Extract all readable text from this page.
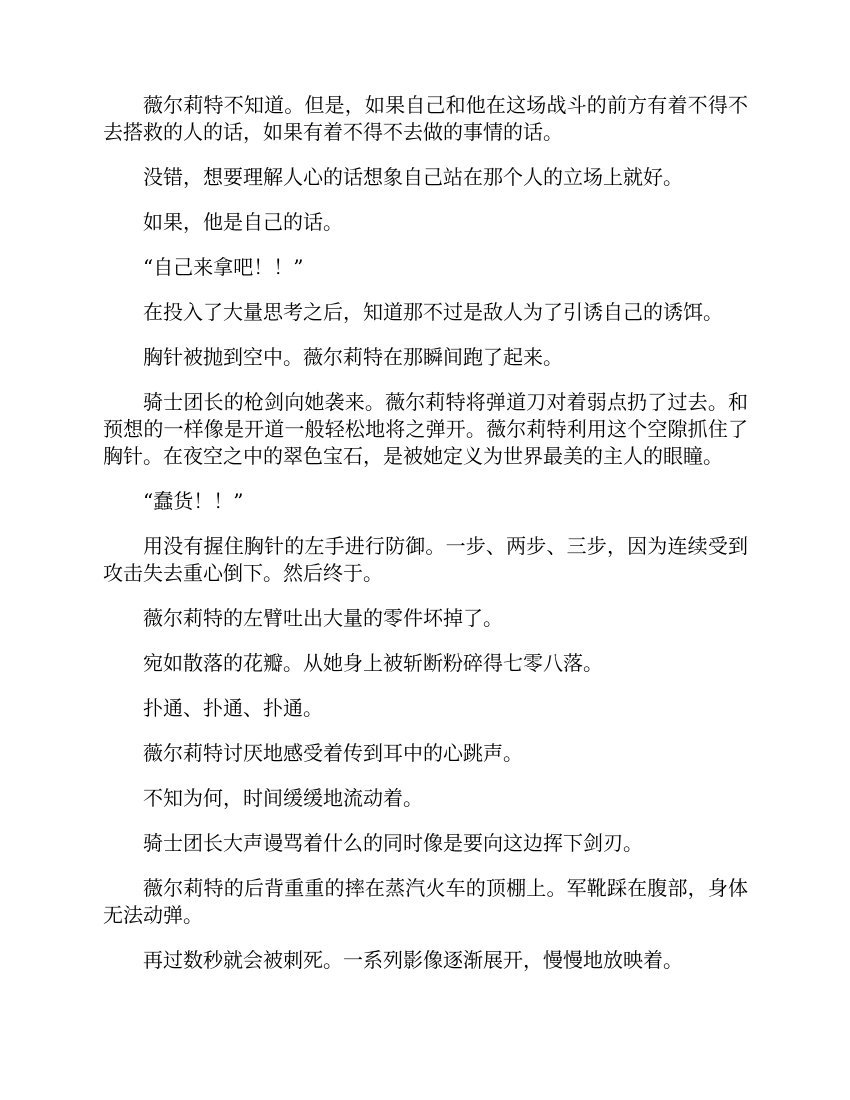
薇尔莉特不知道。但是，如果自己和他在这场战斗的前方有着不得不去搭救的人的话，如果有着不得不去做的事情的话。

没错，想要理解人心的话想象自己站在那个人的立场上就好。

如果，他是自己的话。

“自己来拿吧！！”

在投入了大量思考之后，知道那不过是敌人为了引诱自己的诱饵。

胸针被抛到空中。薇尔莉特在那瞬间跑了起来。

骑士团长的枪剑向她袭来。薇尔莉特将弹道刀对着弱点扔了过去。和预想的一样像是开道一般轻松地将之弹开。薇尔莉特利用这个空隙抓住了胸针。在夜空之中的翠色宝石，是被她定义为世界最美的主人的眼瞳。

“蠢货！！”

用没有握住胸针的左手进行防御。一步、两步、三步，因为连续受到攻击失去重心倒下。然后终于。

薇尔莉特的左臂吐出大量的零件坏掉了。

宛如散落的花瓣。从她身上被斩断粉碎得七零八落。

扑通、扑通、扑通。

薇尔莉特讨厌地感受着传到耳中的心跳声。

不知为何，时间缓缓地流动着。

骑士团长大声谩骂着什么的同时像是要向这边挥下剑刃。

薇尔莉特的后背重重的摔在蒸汽火车的顶棚上。军靴踩在腹部，身体无法动弹。

再过数秒就会被刺死。一系列影像逐渐展开，慢慢地放映着。
